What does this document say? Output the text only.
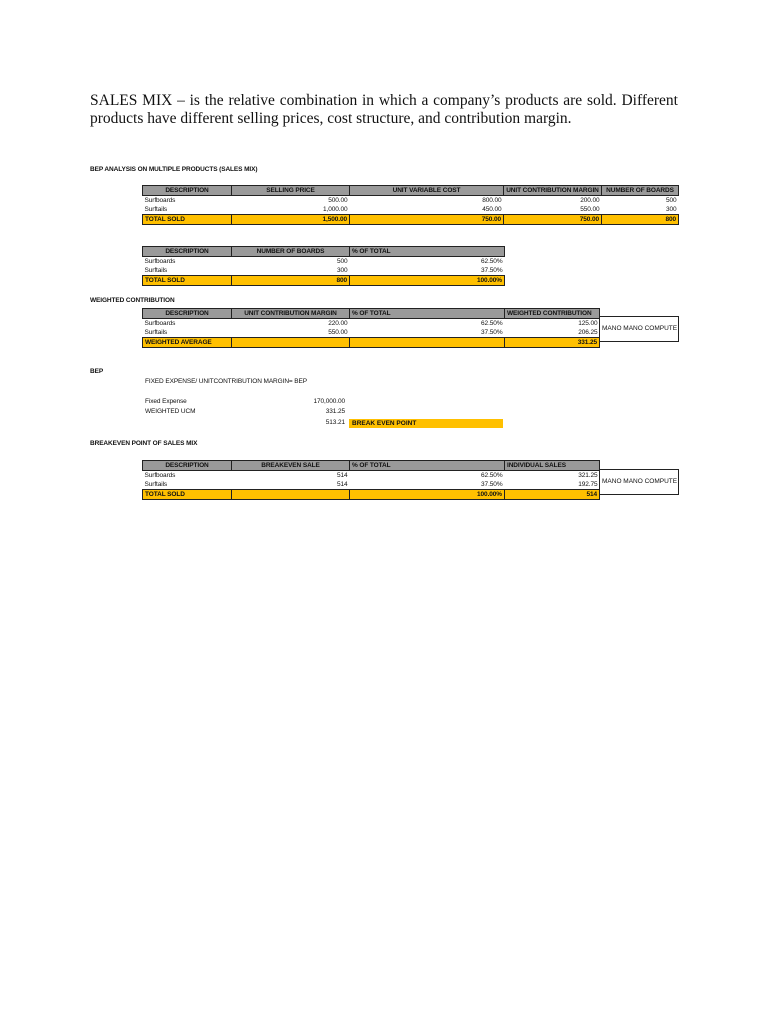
SALES MIX – is the relative combination in which a company’s products are sold. Different products have different selling prices, cost structure, and contribution margin.

BEP ANALYSIS ON MULTIPLE PRODUCTS (SALES MIX)

DESCRIPTION	SELLING PRICE	UNIT VARIABLE COST	UNIT CONTRIBUTION MARGIN	NUMBER OF BOARDS
Surfboards	500.00	800.00	200.00	500
Surftails	1,000.00	450.00	550.00	300
TOTAL SOLD	1,500.00	750.00	750.00	800
DESCRIPTION	NUMBER OF BOARDS	% OF TOTAL
Surfboards	500	62.50%
Surftails	300	37.50%
TOTAL SOLD	800	100.00%

WEIGHTED CONTRIBUTION

DESCRIPTION	UNIT CONTRIBUTION MARGIN	% OF TOTAL	WEIGHTED CONTRIBUTION
Surfboards	220.00	62.50%	125.00
Surftails	550.00	37.50%	206.25
WEIGHTED AVERAGE			331.25
MANO MANO COMPUTE

BEP

FIXED EXPENSE/ UNITCONTRIBUTION MARGIN= BEP

Fixed Expense	170,000.00

WEIGHTED UCM	331.25

513.21	BREAK EVEN POINT

BREAKEVEN POINT OF SALES MIX

DESCRIPTION	BREAKEVEN SALE	% OF TOTAL	INDIVIDUAL SALES
Surfboards	514	62.50%	321.25
Surftails	514	37.50%	192.75
TOTAL SOLD		100.00%	514
MANO MANO COMPUTE
